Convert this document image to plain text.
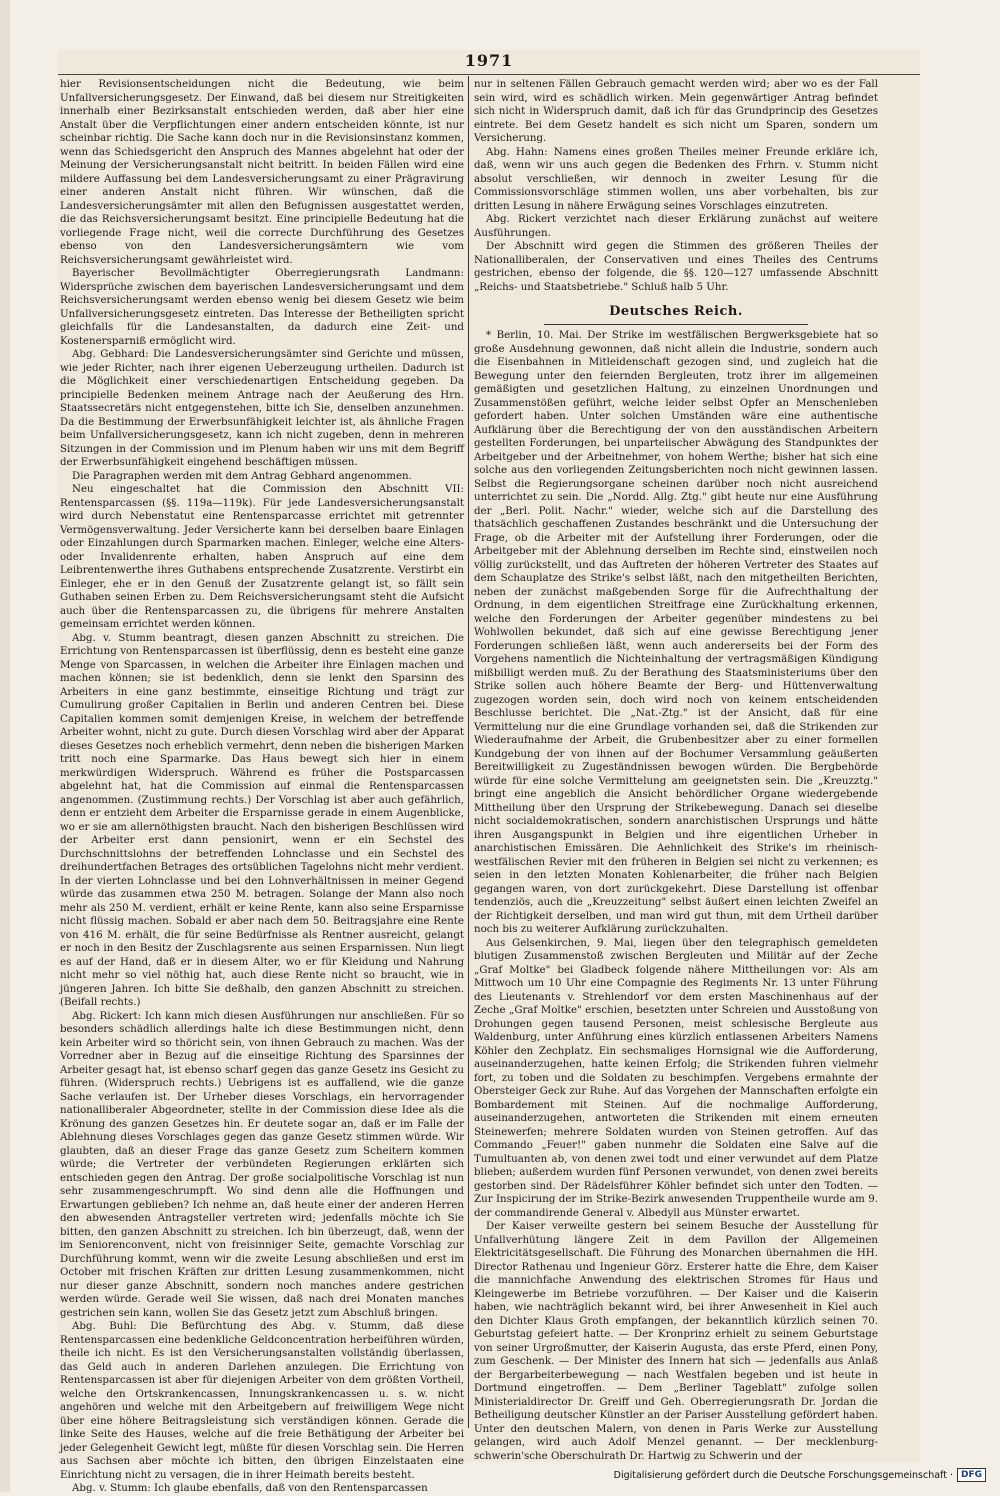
1971

hier Revisionsentscheidungen nicht die Bedeutung, wie beim Unfallversicherungsgesetz. Der Einwand, daß bei diesem nur Streitigkeiten innerhalb einer Bezirksanstalt entschieden werden, daß aber hier eine Anstalt über die Verpflichtungen einer andern entscheiden könnte, ist nur scheinbar richtig. Die Sache kann doch nur in die Revisionsinstanz kommen, wenn das Schiedsgericht den Anspruch des Mannes abgelehnt hat oder der Meinung der Versicherungsanstalt nicht beitritt. In beiden Fällen wird eine mildere Auffassung bei dem Landesversicherungsamt zu einer Prägravirung einer anderen Anstalt nicht führen. Wir wünschen, daß die Landesversicherungsämter mit allen den Befugnissen ausgestattet werden, die das Reichsversicherungsamt besitzt. Eine principielle Bedeutung hat die vorliegende Frage nicht, weil die correcte Durchführung des Gesetzes ebenso von den Landesversicherungsämtern wie vom Reichsversicherungsamt gewährleistet wird.

Bayerischer Bevollmächtigter Oberregierungsrath Landmann: Widersprüche zwischen dem bayerischen Landesversicherungsamt und dem Reichsversicherungsamt werden ebenso wenig bei diesem Gesetz wie beim Unfallversicherungsgesetz eintreten. Das Interesse der Betheiligten spricht gleichfalls für die Landesanstalten, da dadurch eine Zeit- und Kostenersparniß ermöglicht wird.

Abg. Gebhard: Die Landesversicherungsämter sind Gerichte und müssen, wie jeder Richter, nach ihrer eigenen Ueberzeugung urtheilen. Dadurch ist die Möglichkeit einer verschiedenartigen Entscheidung gegeben. Da principielle Bedenken meinem Antrage nach der Aeußerung des Hrn. Staatssecretärs nicht entgegenstehen, bitte ich Sie, denselben anzunehmen. Da die Bestimmung der Erwerbsunfähigkeit leichter ist, als ähnliche Fragen beim Unfallversicherungsgesetz, kann ich nicht zugeben, denn in mehreren Sitzungen in der Commission und im Plenum haben wir uns mit dem Begriff der Erwerbsunfähigkeit eingehend beschäftigen müssen.

Die Paragraphen werden mit dem Antrag Gebhard angenommen.

Neu eingeschaltet hat die Commission den Abschnitt VII: Rentensparcassen (§§. 119a—119k). Für jede Landesversicherungsanstalt wird durch Nebenstatut eine Rentensparcasse errichtet mit getrennter Vermögensverwaltung. Jeder Versicherte kann bei derselben baare Einlagen oder Einzahlungen durch Sparmarken machen. Einleger, welche eine Alters- oder Invalidenrente erhalten, haben Anspruch auf eine dem Leibrentenwerthe ihres Guthabens entsprechende Zusatzrente. Verstirbt ein Einleger, ehe er in den Genuß der Zusatzrente gelangt ist, so fällt sein Guthaben seinen Erben zu. Dem Reichsversicherungsamt steht die Aufsicht auch über die Rentensparcassen zu, die übrigens für mehrere Anstalten gemeinsam errichtet werden können.

Abg. v. Stumm beantragt, diesen ganzen Abschnitt zu streichen. Die Errichtung von Rentensparcassen ist überflüssig, denn es besteht eine ganze Menge von Sparcassen, in welchen die Arbeiter ihre Einlagen machen und machen können; sie ist bedenklich, denn sie lenkt den Sparsinn des Arbeiters in eine ganz bestimmte, einseitige Richtung und trägt zur Cumulirung großer Capitalien in Berlin und anderen Centren bei. Diese Capitalien kommen somit demjenigen Kreise, in welchem der betreffende Arbeiter wohnt, nicht zu gute. Durch diesen Vorschlag wird aber der Apparat dieses Gesetzes noch erheblich vermehrt, denn neben die bisherigen Marken tritt noch eine Sparmarke. Das Haus bewegt sich hier in einem merkwürdigen Widerspruch. Während es früher die Postsparcassen abgelehnt hat, hat die Commission auf einmal die Rentensparcassen angenommen. (Zustimmung rechts.) Der Vorschlag ist aber auch gefährlich, denn er entzieht dem Arbeiter die Ersparnisse gerade in einem Augenblicke, wo er sie am allernöthigsten braucht. Nach den bisherigen Beschlüssen wird der Arbeiter erst dann pensionirt, wenn er ein Sechstel des Durchschnittslohns der betreffenden Lohnclasse und ein Sechstel des dreihundertfachen Betrages des ortsüblichen Tagelohns nicht mehr verdient. In der vierten Lohnclasse und bei den Lohnverhältnissen in meiner Gegend würde das zusammen etwa 250 M. betragen. Solange der Mann also noch mehr als 250 M. verdient, erhält er keine Rente, kann also seine Ersparnisse nicht flüssig machen. Sobald er aber nach dem 50. Beitragsjahre eine Rente von 416 M. erhält, die für seine Bedürfnisse als Rentner ausreicht, gelangt er noch in den Besitz der Zuschlagsrente aus seinen Ersparnissen. Nun liegt es auf der Hand, daß er in diesem Alter, wo er für Kleidung und Nahrung nicht mehr so viel nöthig hat, auch diese Rente nicht so braucht, wie in jüngeren Jahren. Ich bitte Sie deßhalb, den ganzen Abschnitt zu streichen. (Beifall rechts.)

Abg. Rickert: Ich kann mich diesen Ausführungen nur anschließen. Für so besonders schädlich allerdings halte ich diese Bestimmungen nicht, denn kein Arbeiter wird so thöricht sein, von ihnen Gebrauch zu machen. Was der Vorredner aber in Bezug auf die einseitige Richtung des Sparsinnes der Arbeiter gesagt hat, ist ebenso scharf gegen das ganze Gesetz ins Gesicht zu führen. (Widerspruch rechts.) Uebrigens ist es auffallend, wie die ganze Sache verlaufen ist. Der Urheber dieses Vorschlags, ein hervorragender nationalliberaler Abgeordneter, stellte in der Commission diese Idee als die Krönung des ganzen Gesetzes hin. Er deutete sogar an, daß er im Falle der Ablehnung dieses Vorschlages gegen das ganze Gesetz stimmen würde. Wir glaubten, daß an dieser Frage das ganze Gesetz zum Scheitern kommen würde; die Vertreter der verbündeten Regierungen erklärten sich entschieden gegen den Antrag. Der große socialpolitische Vorschlag ist nun sehr zusammengeschrumpft. Wo sind denn alle die Hoffnungen und Erwartungen geblieben? Ich nehme an, daß heute einer der anderen Herren den abwesenden Antragsteller vertreten wird; jedenfalls möchte ich Sie bitten, den ganzen Abschnitt zu streichen. Ich bin überzeugt, daß, wenn der im Seniorenconvent, nicht von freisinniger Seite, gemachte Vorschlag zur Durchführung kommt, wenn wir die zweite Lesung abschließen und erst im October mit frischen Kräften zur dritten Lesung zusammenkommen, nicht nur dieser ganze Abschnitt, sondern noch manches andere gestrichen werden würde. Gerade weil Sie wissen, daß nach drei Monaten manches gestrichen sein kann, wollen Sie das Gesetz jetzt zum Abschluß bringen.

Abg. Buhl: Die Befürchtung des Abg. v. Stumm, daß diese Rentensparcassen eine bedenkliche Geldconcentration herbeiführen würden, theile ich nicht. Es ist den Versicherungsanstalten vollständig überlassen, das Geld auch in anderen Darlehen anzulegen. Die Errichtung von Rentensparcassen ist aber für diejenigen Arbeiter von dem größten Vortheil, welche den Ortskrankencassen, Innungskrankencassen u. s. w. nicht angehören und welche mit den Arbeitgebern auf freiwilligem Wege nicht über eine höhere Beitragsleistung sich verständigen können. Gerade die linke Seite des Hauses, welche auf die freie Bethätigung der Arbeiter bei jeder Gelegenheit Gewicht legt, müßte für diesen Vorschlag sein. Die Herren aus Sachsen aber möchte ich bitten, den übrigen Einzelstaaten eine Einrichtung nicht zu versagen, die in ihrer Heimath bereits besteht.

Abg. v. Stumm: Ich glaube ebenfalls, daß von den Rentensparcassen

nur in seltenen Fällen Gebrauch gemacht werden wird; aber wo es der Fall sein wird, wird es schädlich wirken. Mein gegenwärtiger Antrag befindet sich nicht in Widerspruch damit, daß ich für das Grundprincip des Gesetzes eintrete. Bei dem Gesetz handelt es sich nicht um Sparen, sondern um Versicherung.

Abg. Hahn: Namens eines großen Theiles meiner Freunde erkläre ich, daß, wenn wir uns auch gegen die Bedenken des Frhrn. v. Stumm nicht absolut verschließen, wir dennoch in zweiter Lesung für die Commissionsvorschläge stimmen wollen, uns aber vorbehalten, bis zur dritten Lesung in nähere Erwägung seines Vorschlages einzutreten.

Abg. Rickert verzichtet nach dieser Erklärung zunächst auf weitere Ausführungen.

Der Abschnitt wird gegen die Stimmen des größeren Theiles der Nationalliberalen, der Conservativen und eines Theiles des Centrums gestrichen, ebenso der folgende, die §§. 120—127 umfassende Abschnitt „Reichs- und Staatsbetriebe." Schluß halb 5 Uhr.

Deutsches Reich.

* Berlin, 10. Mai. Der Strike im westfälischen Bergwerksgebiete hat so große Ausdehnung gewonnen, daß nicht allein die Industrie, sondern auch die Eisenbahnen in Mitleidenschaft gezogen sind, und zugleich hat die Bewegung unter den feiernden Bergleuten, trotz ihrer im allgemeinen gemäßigten und gesetzlichen Haltung, zu einzelnen Unordnungen und Zusammenstößen geführt, welche leider selbst Opfer an Menschenleben gefordert haben. Unter solchen Umständen wäre eine authentische Aufklärung über die Berechtigung der von den ausständischen Arbeitern gestellten Forderungen, bei unparteiischer Abwägung des Standpunktes der Arbeitgeber und der Arbeitnehmer, von hohem Werthe; bisher hat sich eine solche aus den vorliegenden Zeitungsberichten noch nicht gewinnen lassen. Selbst die Regierungsorgane scheinen darüber noch nicht ausreichend unterrichtet zu sein. Die „Nordd. Allg. Ztg." gibt heute nur eine Ausführung der „Berl. Polit. Nachr." wieder, welche sich auf die Darstellung des thatsächlich geschaffenen Zustandes beschränkt und die Untersuchung der Frage, ob die Arbeiter mit der Aufstellung ihrer Forderungen, oder die Arbeitgeber mit der Ablehnung derselben im Rechte sind, einstweilen noch völlig zurückstellt, und das Auftreten der höheren Vertreter des Staates auf dem Schauplatze des Strike's selbst läßt, nach den mitgetheilten Berichten, neben der zunächst maßgebenden Sorge für die Aufrechthaltung der Ordnung, in dem eigentlichen Streitfrage eine Zurückhaltung erkennen, welche den Forderungen der Arbeiter gegenüber mindestens zu bei Wohlwollen bekundet, daß sich auf eine gewisse Berechtigung jener Forderungen schließen läßt, wenn auch andererseits bei der Form des Vorgehens namentlich die Nichteinhaltung der vertragsmäßigen Kündigung mißbilligt werden muß. Zu der Berathung des Staatsministeriums über den Strike sollen auch höhere Beamte der Berg- und Hüttenverwaltung zugezogen worden sein, doch wird noch von keinem entscheidenden Beschlusse berichtet. Die „Nat.-Ztg." ist der Ansicht, daß für eine Vermittelung nur die eine Grundlage vorhanden sei, daß die Strikenden zur Wiederaufnahme der Arbeit, die Grubenbesitzer aber zu einer formellen Kundgebung der von ihnen auf der Bochumer Versammlung geäußerten Bereitwilligkeit zu Zugeständnissen bewogen würden. Die Bergbehörde würde für eine solche Vermittelung am geeignetsten sein. Die „Kreuzztg." bringt eine angeblich die Ansicht behördlicher Organe wiedergebende Mittheilung über den Ursprung der Strikebewegung. Danach sei dieselbe nicht socialdemokratischen, sondern anarchistischen Ursprungs und hätte ihren Ausgangspunkt in Belgien und ihre eigentlichen Urheber in anarchistischen Emissären. Die Aehnlichkeit des Strike's im rheinisch-westfälischen Revier mit den früheren in Belgien sei nicht zu verkennen; es seien in den letzten Monaten Kohlenarbeiter, die früher nach Belgien gegangen waren, von dort zurückgekehrt. Diese Darstellung ist offenbar tendenziös, auch die „Kreuzzeitung" selbst äußert einen leichten Zweifel an der Richtigkeit derselben, und man wird gut thun, mit dem Urtheil darüber noch bis zu weiterer Aufklärung zurückzuhalten.

Aus Gelsenkirchen, 9. Mai, liegen über den telegraphisch gemeldeten blutigen Zusammenstoß zwischen Bergleuten und Militär auf der Zeche „Graf Moltke" bei Gladbeck folgende nähere Mittheilungen vor: Als am Mittwoch um 10 Uhr eine Compagnie des Regiments Nr. 13 unter Führung des Lieutenants v. Strehlendorf vor dem ersten Maschinenhaus auf der Zeche „Graf Moltke" erschien, besetzten unter Schreien und Ausstoßung von Drohungen gegen tausend Personen, meist schlesische Bergleute aus Waldenburg, unter Anführung eines kürzlich entlassenen Arbeiters Namens Köhler den Zechplatz. Ein sechsmaliges Hornsignal wie die Aufforderung, auseinanderzugehen, hatte keinen Erfolg; die Strikenden fuhren vielmehr fort, zu toben und die Soldaten zu beschimpfen. Vergebens ermahnte der Obersteiger Geck zur Ruhe. Auf das Vorgehen der Mannschaften erfolgte ein Bombardement mit Steinen. Auf die nochmalige Aufforderung, auseinanderzugehen, antworteten die Strikenden mit einem erneuten Steinewerfen; mehrere Soldaten wurden von Steinen getroffen. Auf das Commando „Feuer!" gaben nunmehr die Soldaten eine Salve auf die Tumultuanten ab, von denen zwei todt und einer verwundet auf dem Platze blieben; außerdem wurden fünf Personen verwundet, von denen zwei bereits gestorben sind. Der Rädelsführer Köhler befindet sich unter den Todten. — Zur Inspicirung der im Strike-Bezirk anwesenden Truppentheile wurde am 9. der commandirende General v. Albedyll aus Münster erwartet.

Der Kaiser verweilte gestern bei seinem Besuche der Ausstellung für Unfallverhütung längere Zeit in dem Pavillon der Allgemeinen Elektricitätsgesellschaft. Die Führung des Monarchen übernahmen die HH. Director Rathenau und Ingenieur Görz. Ersterer hatte die Ehre, dem Kaiser die mannichfache Anwendung des elektrischen Stromes für Haus und Kleingewerbe im Betriebe vorzuführen. — Der Kaiser und die Kaiserin haben, wie nachträglich bekannt wird, bei ihrer Anwesenheit in Kiel auch den Dichter Klaus Groth empfangen, der bekanntlich kürzlich seinen 70. Geburtstag gefeiert hatte. — Der Kronprinz erhielt zu seinem Geburtstage von seiner Urgroßmutter, der Kaiserin Augusta, das erste Pferd, einen Pony, zum Geschenk. — Der Minister des Innern hat sich — jedenfalls aus Anlaß der Bergarbeiterbewegung — nach Westfalen begeben und ist heute in Dortmund eingetroffen. — Dem „Berliner Tageblatt" zufolge sollen Ministerialdirector Dr. Greiff und Geh. Oberregierungsrath Dr. Jordan die Betheiligung deutscher Künstler an der Pariser Ausstellung gefördert haben. Unter den deutschen Malern, von denen in Paris Werke zur Ausstellung gelangen, wird auch Adolf Menzel genannt. — Der mecklenburg-schwerin'sche Oberschulrath Dr. Hartwig zu Schwerin und der

Digitalisierung gefördert durch die Deutsche Forschungsgemeinschaft · DFG
